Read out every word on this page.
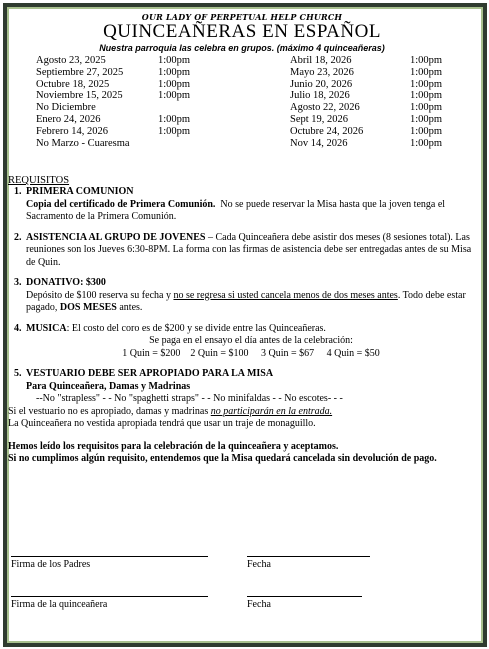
OUR LADY OF PERPETUAL HELP CHURCH
QUINCEAÑERAS EN ESPAÑOL
Nuestra parroquia las celebra en grupos. (máximo 4 quinceañeras)
Agosto 23, 2025	1:00pm
Septiembre 27, 2025	1:00pm
Octubre 18, 2025	1:00pm
Noviembre 15, 2025	1:00pm
No Diciembre
Enero 24, 2026	1:00pm
Febrero 14, 2026	1:00pm
No Marzo - Cuaresma
Abril 18, 2026	1:00pm
Mayo 23, 2026	1:00pm
Junio 20, 2026	1:00pm
Julio 18, 2026	1:00pm
Agosto 22, 2026	1:00pm
Sept 19, 2026	1:00pm
Octubre 24, 2026	1:00pm
Nov 14, 2026	1:00pm
REQUISITOS
1. PRIMERA COMUNION
Copia del certificado de Primera Comunión. No se puede reservar la Misa hasta que la joven tenga el Sacramento de la Primera Comunión.
2. ASISTENCIA AL GRUPO DE JOVENES – Cada Quinceañera debe asistir dos meses (8 sesiones total). Las reuniones son los Jueves 6:30-8PM. La forma con las firmas de asistencia debe ser entregadas antes de su Misa de Quin.
3. DONATIVO: $300
Depósito de $100 reserva su fecha y no se regresa si usted cancela menos de dos meses antes. Todo debe estar pagado, DOS MESES antes.
4. MUSICA: El costo del coro es de $200 y se divide entre las Quinceañeras.
Se paga en el ensayo el día antes de la celebración:
1 Quin = $200    2 Quin = $100     3 Quin = $67     4 Quin = $50
5. VESTUARIO DEBE SER APROPIADO PARA LA MISA
Para Quinceañera, Damas y Madrinas
--No "strapless" - - No "spaghetti straps" - - No minifaldas - - No escotes- - -
Si el vestuario no es apropiado, damas y madrinas no participarán en la entrada.
La Quinceañera no vestida apropiada tendrá que usar un traje de monaguillo.
Hemos leído los requisitos para la celebración de la quinceañera y aceptamos.
Si no cumplimos algún requisito, entendemos que la Misa quedará cancelada sin devolución de pago.
Firma de los Padres	Fecha
Firma de la quinceañera	Fecha
